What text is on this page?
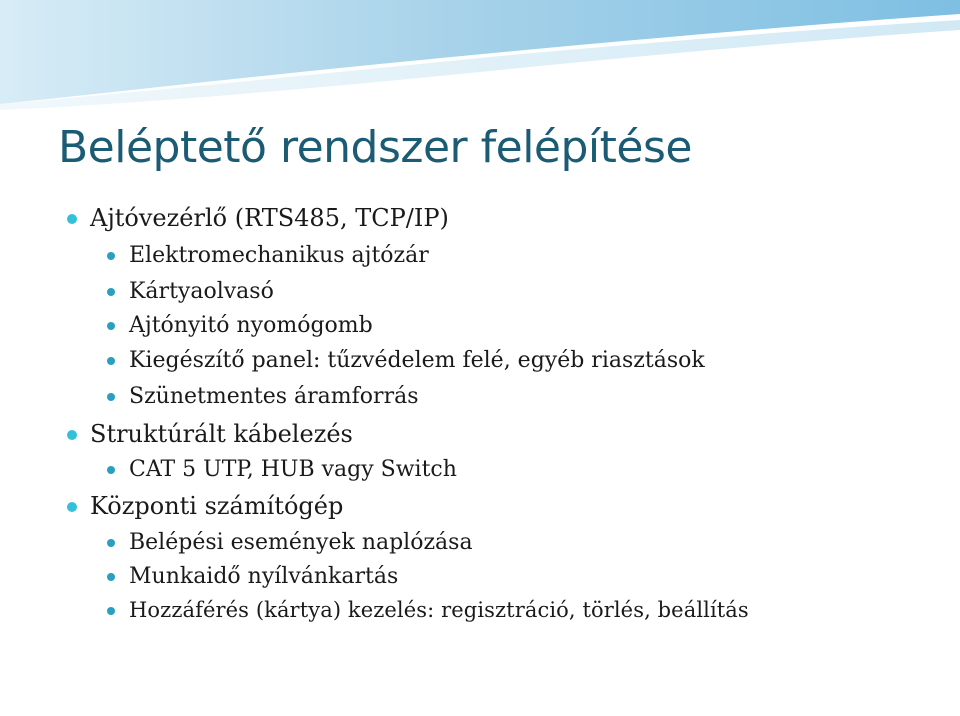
Beléptető rendszer felépítése
Ajtóvezérlő (RTS485, TCP/IP)
Elektromechanikus ajtózár
Kártyaolvasó
Ajtónyitó nyomógomb
Kiegészítő panel: tűzvédelem felé, egyéb riasztások
Szünetmentes áramforrás
Struktúrált kábelezés
CAT 5 UTP, HUB vagy Switch
Központi számítógép
Belépési események naplózása
Munkaidő nyílvánkartás
Hozzáférés (kártya) kezelés: regisztráció, törlés, beállítás
